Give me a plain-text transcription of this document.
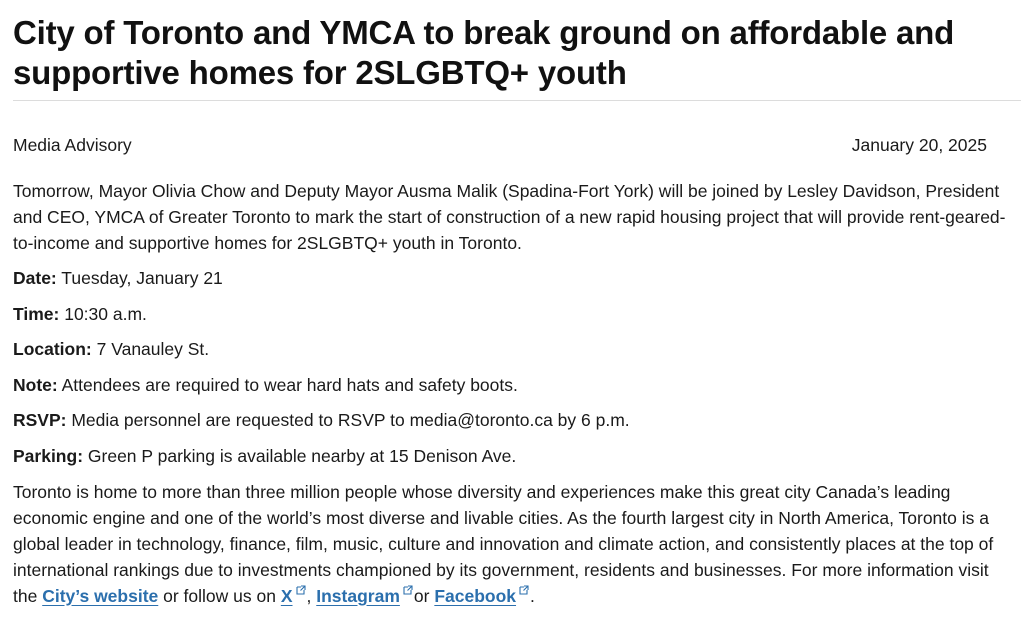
City of Toronto and YMCA to break ground on affordable and supportive homes for 2SLGBTQ+ youth
Media Advisory	January 20, 2025

Tomorrow, Mayor Olivia Chow and Deputy Mayor Ausma Malik (Spadina-Fort York) will be joined by Lesley Davidson, President and CEO, YMCA of Greater Toronto to mark the start of construction of a new rapid housing project that will provide rent-geared-to-income and supportive homes for 2SLGBTQ+ youth in Toronto.

Date: Tuesday, January 21

Time: 10:30 a.m.

Location: 7 Vanauley St.

Note: Attendees are required to wear hard hats and safety boots.

RSVP: Media personnel are requested to RSVP to media@toronto.ca by 6 p.m.

Parking: Green P parking is available nearby at 15 Denison Ave.

Toronto is home to more than three million people whose diversity and experiences make this great city Canada’s leading economic engine and one of the world’s most diverse and livable cities. As the fourth largest city in North America, Toronto is a global leader in technology, finance, film, music, culture and innovation and climate action, and consistently places at the top of international rankings due to investments championed by its government, residents and businesses. For more information visit the City’s website or follow us on X , Instagram or Facebook .
